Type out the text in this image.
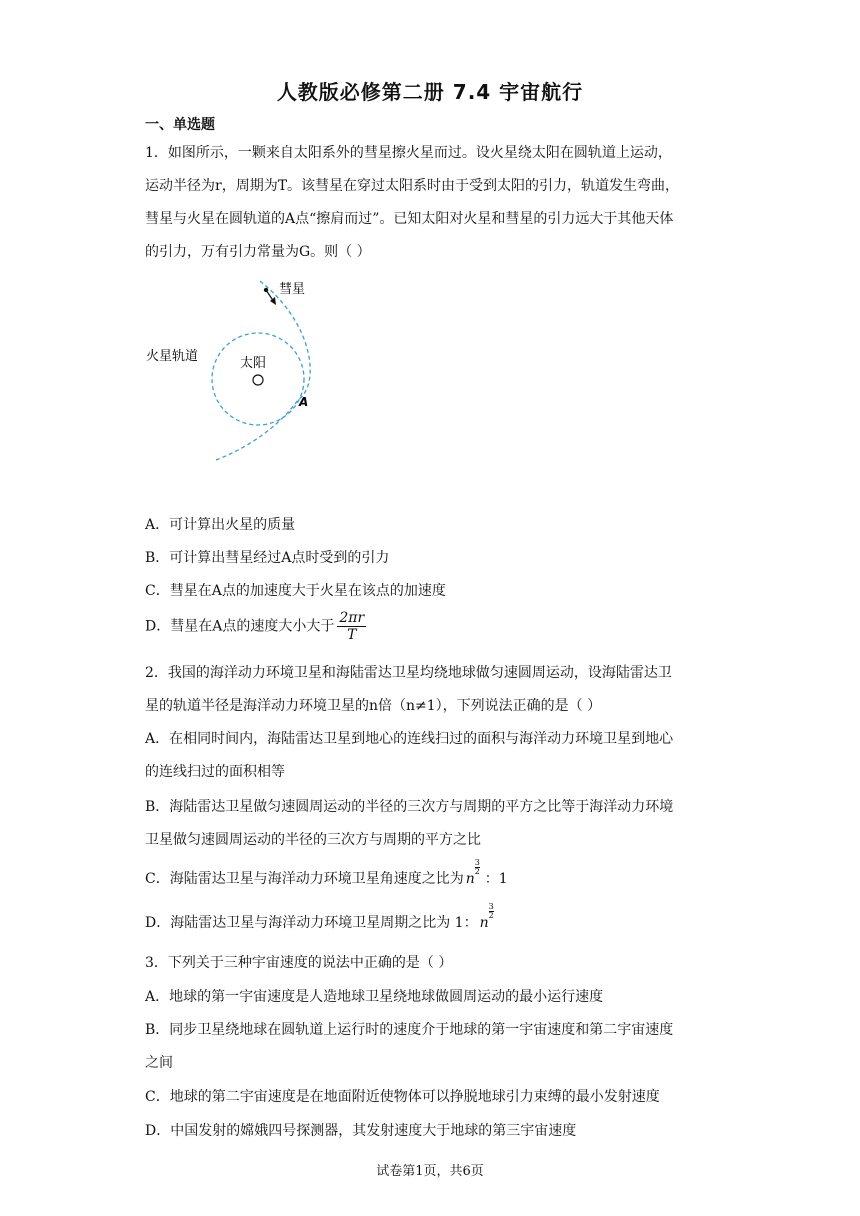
人教版必修第二册 7.4 宇宙航行
一、单选题
1．如图所示，一颗来自太阳系外的彗星擦火星而过。设火星绕太阳在圆轨道上运动，
运动半径为r，周期为T。该彗星在穿过太阳系时由于受到太阳的引力，轨道发生弯曲，
彗星与火星在圆轨道的A点“擦肩而过”。已知太阳对火星和彗星的引力远大于其他天体
的引力，万有引力常量为G。则（ ）
彗星
火星轨道	太阳
A
A．可计算出火星的质量
B．可计算出彗星经过A点时受到的引力
C．彗星在A点的加速度大于火星在该点的加速度
D．彗星在A点的速度大小大于 $\frac{2\pi r}{T}$
2．我国的海洋动力环境卫星和海陆雷达卫星均绕地球做匀速圆周运动，设海陆雷达卫
星的轨道半径是海洋动力环境卫星的n倍（n≠1），下列说法正确的是（ ）
A．在相同时间内，海陆雷达卫星到地心的连线扫过的面积与海洋动力环境卫星到地心
的连线扫过的面积相等
B．海陆雷达卫星做匀速圆周运动的半径的三次方与周期的平方之比等于海洋动力环境
卫星做匀速圆周运动的半径的三次方与周期的平方之比
C．海陆雷达卫星与海洋动力环境卫星角速度之比为 n
3
2 ：1
D．海陆雷达卫星与海洋动力环境卫星周期之比为 1： n
3
2
3．下列关于三种宇宙速度的说法中正确的是（ ）
A．地球的第一宇宙速度是人造地球卫星绕地球做圆周运动的最小运行速度
B．同步卫星绕地球在圆轨道上运行时的速度介于地球的第一宇宙速度和第二宇宙速度
之间
C．地球的第二宇宙速度是在地面附近使物体可以挣脱地球引力束缚的最小发射速度
D．中国发射的嫦娥四号探测器，其发射速度大于地球的第三宇宙速度
试卷第1页，共6页
